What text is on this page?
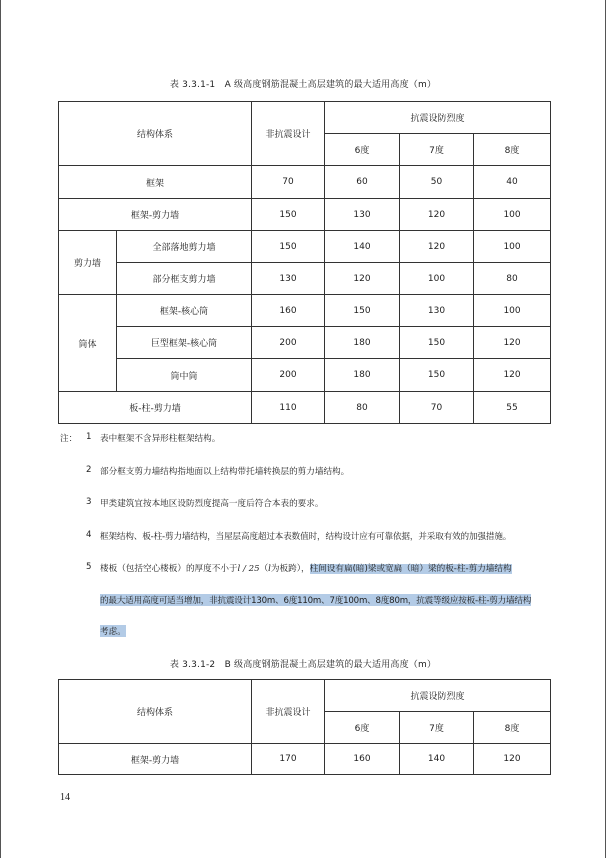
表 3.3.1-1　A 级高度钢筋混凝土高层建筑的最大适用高度（m）
结构体系		非抗震设计	抗震设防烈度		
			6度	7度	8度
框架		70	60	50	40
框架-剪力墙		150	130	120	100
剪力墙	全部落地剪力墙	150	140	120	100
	部分框支剪力墙	130	120	100	80
筒体	框架-核心筒	160	150	130	100
	巨型框架-核心筒	200	180	150	120
	筒中筒	200	180	150	120
板-柱-剪力墙		110	80	70	55
注： 1 表中框架不含异形柱框架结构。
2 部分框支剪力墙结构指地面以上结构带托墙转换层的剪力墙结构。
3 甲类建筑宜按本地区设防烈度提高一度后符合本表的要求。
4 框架结构、板-柱-剪力墙结构，当屋层高度超过本表数值时，结构设计应有可靠依据，并采取有效的加强措施。
5 楼板（包括空心楼板）的厚度不小于l / 25（l为板跨），柱间设有扁(暗)梁或宽扁（暗）梁的板-柱-剪力墙结构
的最大适用高度可适当增加，非抗震设计130m、6度110m、7度100m、8度80m，抗震等级应按板-柱-剪力墙结构
考虑。
表 3.3.1-2　B 级高度钢筋混凝土高层建筑的最大适用高度（m）
结构体系	非抗震设计	抗震设防烈度		
		6度	7度	8度
框架-剪力墙	170	160	140	120
14
